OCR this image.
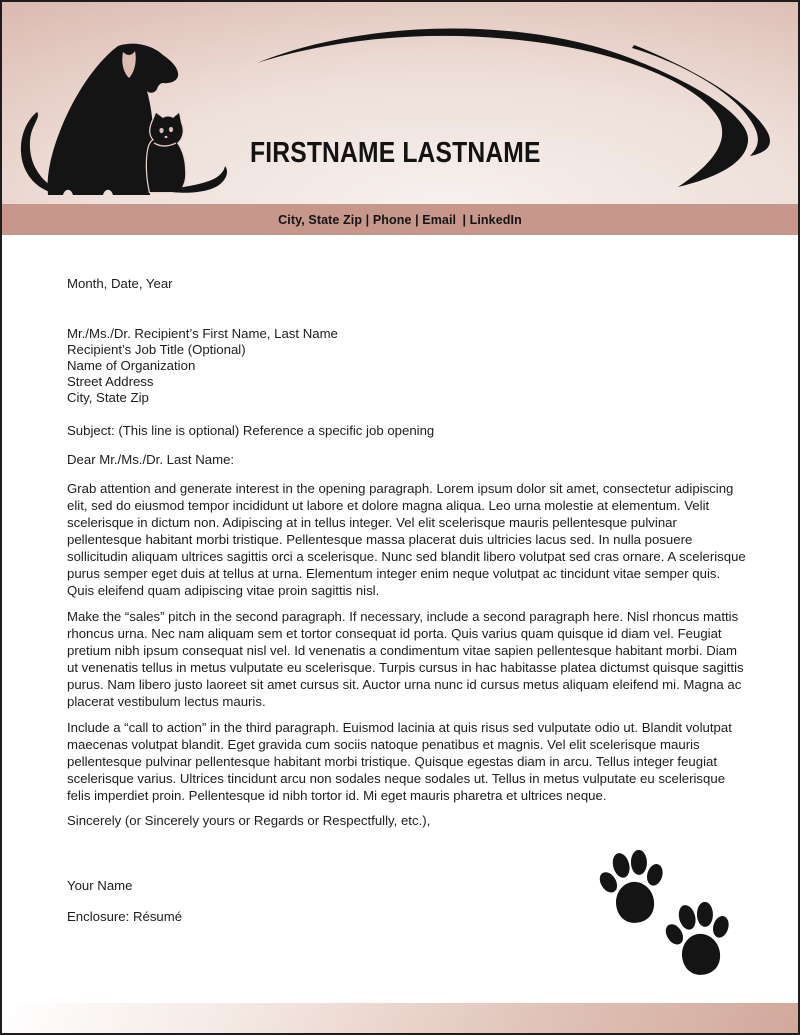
FIRSTNAME LASTNAME
City, State Zip | Phone | Email | LinkedIn

Month, Date, Year

Mr./Ms./Dr. Recipient’s First Name, Last Name
Recipient’s Job Title (Optional)
Name of Organization
Street Address
City, State Zip

Subject: (This line is optional) Reference a specific job opening

Dear Mr./Ms./Dr. Last Name:

Grab attention and generate interest in the opening paragraph. Lorem ipsum dolor sit amet, consectetur adipiscing elit, sed do eiusmod tempor incididunt ut labore et dolore magna aliqua. Leo urna molestie at elementum. Velit scelerisque in dictum non. Adipiscing at in tellus integer. Vel elit scelerisque mauris pellentesque pulvinar pellentesque habitant morbi tristique. Pellentesque massa placerat duis ultricies lacus sed. In nulla posuere sollicitudin aliquam ultrices sagittis orci a scelerisque. Nunc sed blandit libero volutpat sed cras ornare. A scelerisque purus semper eget duis at tellus at urna. Elementum integer enim neque volutpat ac tincidunt vitae semper quis. Quis eleifend quam adipiscing vitae proin sagittis nisl.

Make the “sales” pitch in the second paragraph. If necessary, include a second paragraph here. Nisl rhoncus mattis rhoncus urna. Nec nam aliquam sem et tortor consequat id porta. Quis varius quam quisque id diam vel. Feugiat pretium nibh ipsum consequat nisl vel. Id venenatis a condimentum vitae sapien pellentesque habitant morbi. Diam ut venenatis tellus in metus vulputate eu scelerisque. Turpis cursus in hac habitasse platea dictumst quisque sagittis purus. Nam libero justo laoreet sit amet cursus sit. Auctor urna nunc id cursus metus aliquam eleifend mi. Magna ac placerat vestibulum lectus mauris.

Include a “call to action” in the third paragraph. Euismod lacinia at quis risus sed vulputate odio ut. Blandit volutpat maecenas volutpat blandit. Eget gravida cum sociis natoque penatibus et magnis. Vel elit scelerisque mauris pellentesque pulvinar pellentesque habitant morbi tristique. Quisque egestas diam in arcu. Tellus integer feugiat scelerisque varius. Ultrices tincidunt arcu non sodales neque sodales ut. Tellus in metus vulputate eu scelerisque felis imperdiet proin. Pellentesque id nibh tortor id. Mi eget mauris pharetra et ultrices neque.

Sincerely (or Sincerely yours or Regards or Respectfully, etc.),

Your Name

Enclosure: Résumé
